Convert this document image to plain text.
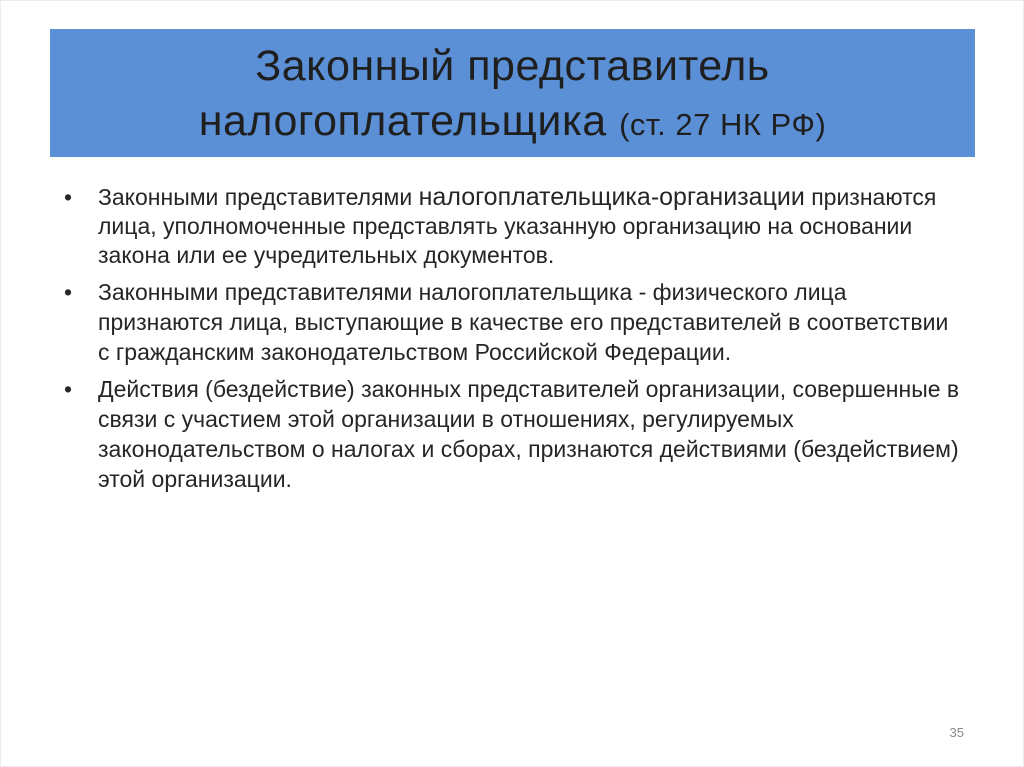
Законный представитель
налогоплательщика (ст. 27 НК РФ)
•	Законными представителями налогоплательщика-организации признаются лица, уполномоченные представлять указанную организацию на основании закона или ее учредительных документов.
•	Законными представителями налогоплательщика - физического лица признаются лица, выступающие в качестве его представителей в соответствии с гражданским законодательством Российской Федерации.
•	Действия (бездействие) законных представителей организации, совершенные в связи с участием этой организации в отношениях, регулируемых законодательством о налогах и сборах, признаются действиями (бездействием) этой организации.
35
